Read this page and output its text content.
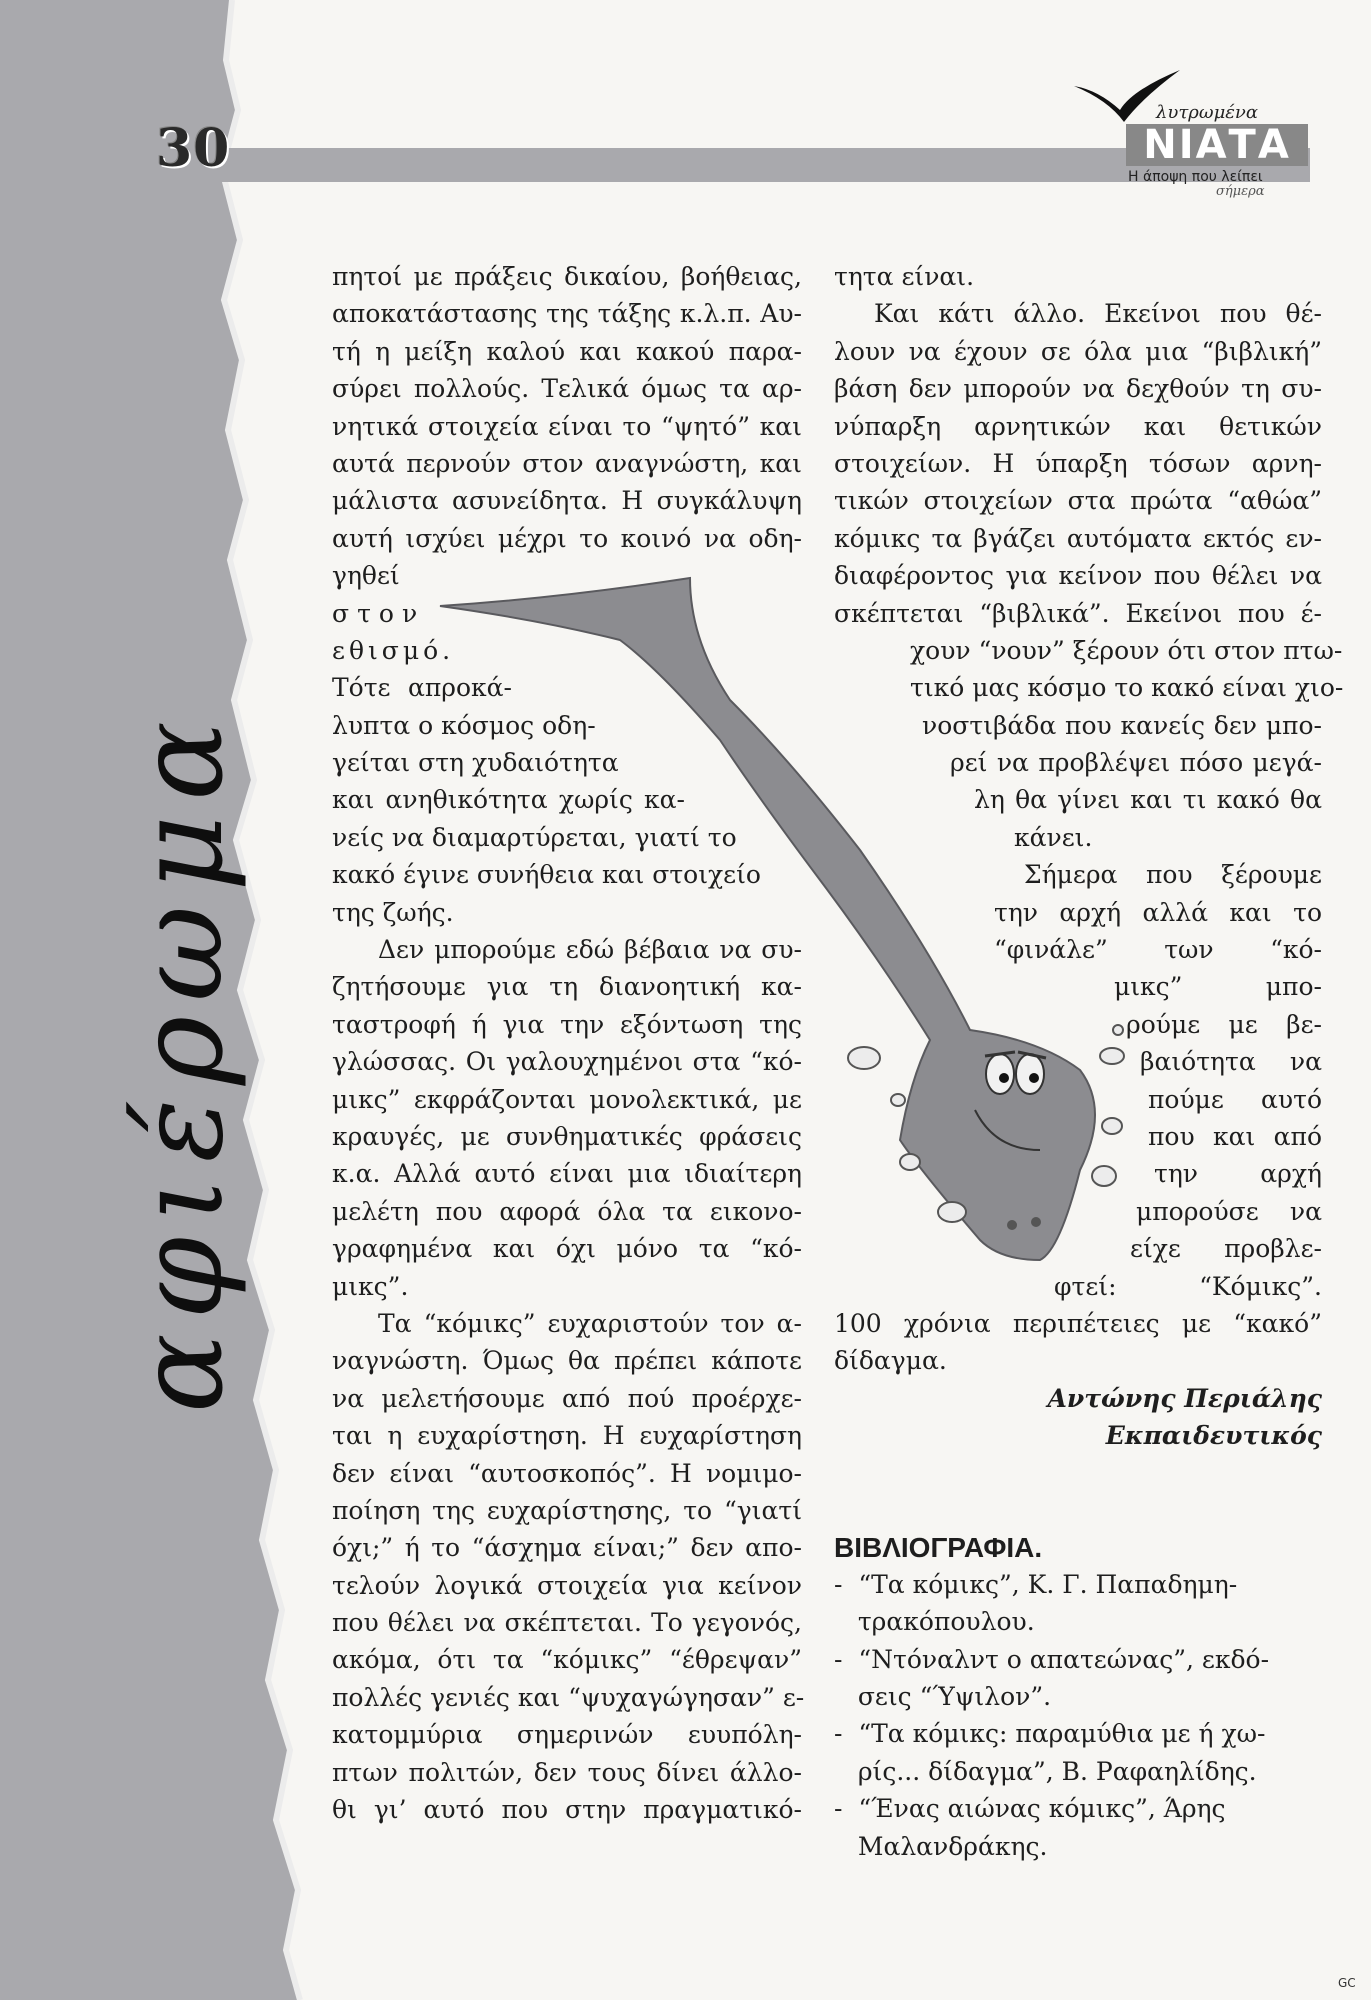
30
αφιέρωμα
λυτρωμένα
ΝΙΑΤΑ
Η άποψη που λείπει
σήμερα
πητοί με πράξεις δικαίου, βοήθειας,
αποκατάστασης της τάξης κ.λ.π. Αυ-
τή η μείξη καλού και κακού παρα-
σύρει πολλούς. Τελικά όμως τα αρ-
νητικά στοιχεία είναι το “ψητό” και
αυτά περνούν στον αναγνώστη, και
μάλιστα ασυνείδητα. Η συγκάλυψη
αυτή ισχύει μέχρι το κοινό να οδη-
γηθεί
στον
εθισμό.
Τότε απροκά-
λυπτα ο κόσμος οδη-
γείται στη χυδαιότητα
και ανηθικότητα χωρίς κα-
νείς να διαμαρτύρεται, γιατί το
κακό έγινε συνήθεια και στοιχείο
της ζωής.
Δεν μπορούμε εδώ βέβαια να συ-
ζητήσουμε για τη διανοητική κα-
ταστροφή ή για την εξόντωση της
γλώσσας. Οι γαλουχημένοι στα “κό-
μικς” εκφράζονται μονολεκτικά, με
κραυγές, με συνθηματικές φράσεις
κ.α. Αλλά αυτό είναι μια ιδιαίτερη
μελέτη που αφορά όλα τα εικονο-
γραφημένα και όχι μόνο τα “κό-
μικς”.
Τα “κόμικς” ευχαριστούν τον α-
ναγνώστη. Όμως θα πρέπει κάποτε
να μελετήσουμε από πού προέρχε-
ται η ευχαρίστηση. Η ευχαρίστηση
δεν είναι “αυτοσκοπός”. Η νομιμο-
ποίηση της ευχαρίστησης, το “γιατί
όχι;” ή το “άσχημα είναι;” δεν απο-
τελούν λογικά στοιχεία για κείνον
που θέλει να σκέπτεται. Το γεγονός,
ακόμα, ότι τα “κόμικς” “έθρεψαν”
πολλές γενιές και “ψυχαγώγησαν” ε-
κατομμύρια σημερινών ευυπόλη-
πτων πολιτών, δεν τους δίνει άλλο-
θι γι’ αυτό που στην πραγματικό-
τητα είναι.
Και κάτι άλλο. Εκείνοι που θέ-
λουν να έχουν σε όλα μια “βιβλική”
βάση δεν μπορούν να δεχθούν τη συ-
νύπαρξη αρνητικών και θετικών
στοιχείων. Η ύπαρξη τόσων αρνη-
τικών στοιχείων στα πρώτα “αθώα”
κόμικς τα βγάζει αυτόματα εκτός εν-
διαφέροντος για κείνον που θέλει να
σκέπτεται “βιβλικά”. Εκείνοι που έ-
χουν “νουν” ξέρουν ότι στον πτω-
τικό μας κόσμο το κακό είναι χιο-
νοστιβάδα που κανείς δεν μπο-
ρεί να προβλέψει πόσο μεγά-
λη θα γίνει και τι κακό θα
κάνει.
Σήμερα που ξέρουμε
την αρχή αλλά και το
“φινάλε” των “κό-
μικς” μπο-
ρούμε με βε-
βαιότητα να
πούμε αυτό
που και από
την αρχή
μπορούσε να
είχε προβλε-
φτεί: “Κόμικς”.
100 χρόνια περιπέτειες με “κακό”
δίδαγμα.
Αντώνης Περιάλης
Εκπαιδευτικός
ΒΙΒΛΙΟΓΡΑΦΙΑ.
-  “Τα κόμικς”, Κ. Γ. Παπαδημη-
τρακόπουλου.
-  “Ντόναλντ ο απατεώνας”, εκδό-
σεις “Ύψιλον”.
-  “Τα κόμικς: παραμύθια με ή χω-
ρίς... δίδαγμα”, Β. Ραφαηλίδης.
-  “Ένας αιώνας κόμικς”, Άρης
Μαλανδράκης.
GC
